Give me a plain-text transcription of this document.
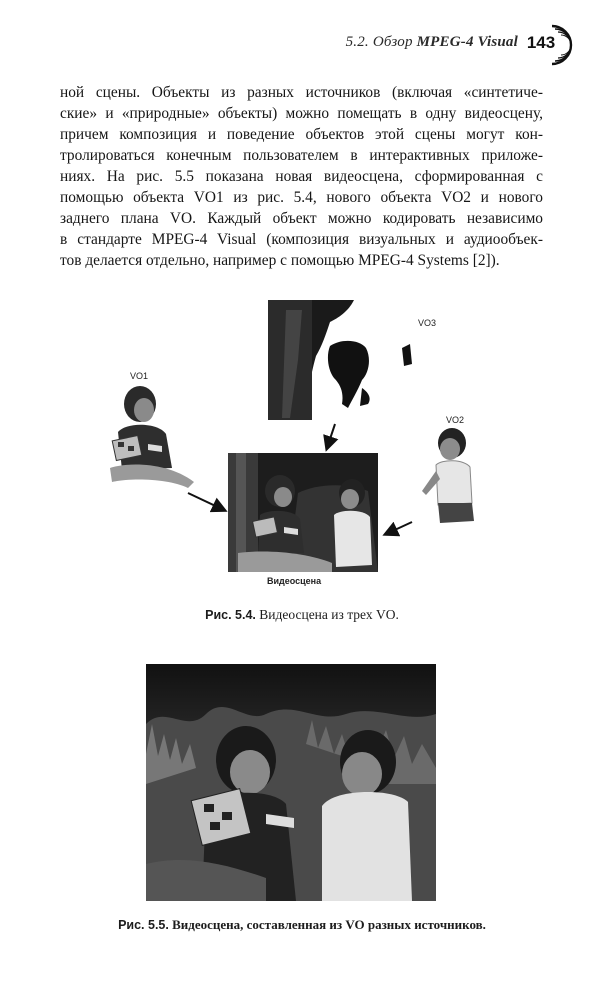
5.2. Обзор MPEG-4 Visual 143
ной сцены. Объекты из разных источников (включая «синтетиче-
ские» и «природные» объекты) можно помещать в одну видеосцену,
причем композиция и поведение объектов этой сцены могут кон-
тролироваться конечным пользователем в интерактивных приложе-
ниях. На рис. 5.5 показана новая видеосцена, сформированная с
помощью объекта VO1 из рис. 5.4, нового объекта VO2 и нового
заднего плана VO. Каждый объект можно кодировать независимо
в стандарте MPEG-4 Visual (композиция визуальных и аудиообъек-
тов делается отдельно, например с помощью MPEG-4 Systems [2]).
VO3
VO1
VO2
Видеосцена
Рис. 5.4. Видеосцена из трех VO.
Рис. 5.5. Видеосцена, составленная из VO разных источников.
